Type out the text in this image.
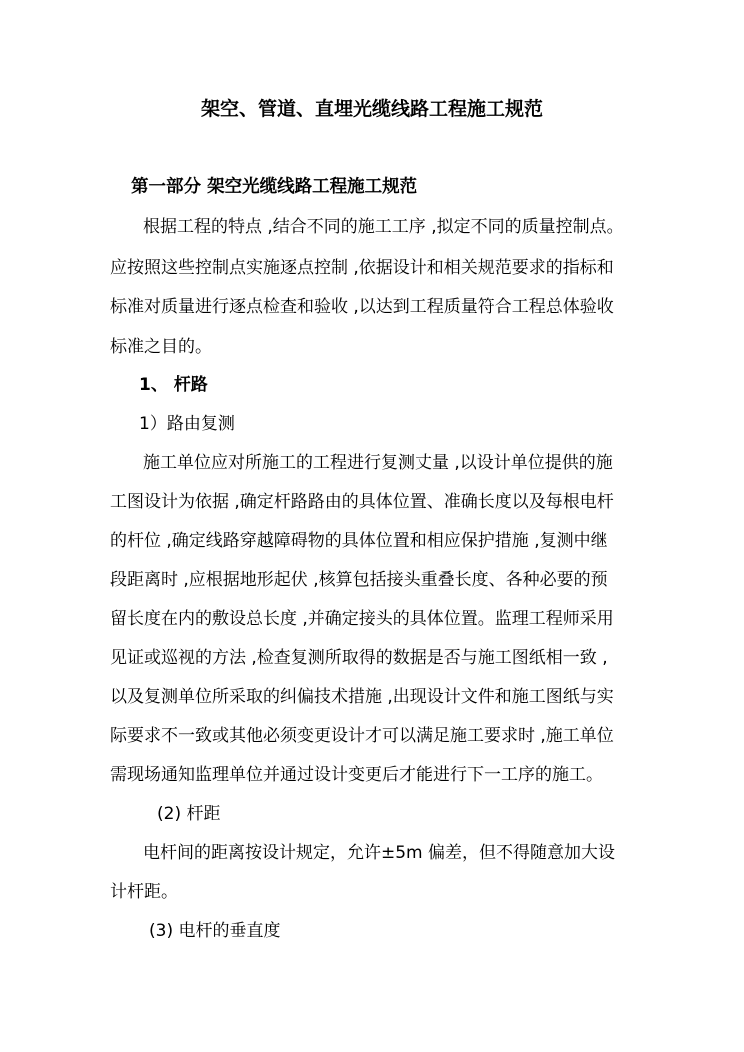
架空、管道、直埋光缆线路工程施工规范
第一部分 架空光缆线路工程施工规范
根据工程的特点 ,结合不同的施工工序 ,拟定不同的质量控制点。
应按照这些控制点实施逐点控制 ,依据设计和相关规范要求的指标和
标准对质量进行逐点检查和验收 ,以达到工程质量符合工程总体验收
标准之目的。
1、 杆路
1）路由复测
施工单位应对所施工的工程进行复测丈量 ,以设计单位提供的施
工图设计为依据 ,确定杆路路由的具体位置、准确长度以及每根电杆
的杆位 ,确定线路穿越障碍物的具体位置和相应保护措施 ,复测中继
段距离时 ,应根据地形起伏 ,核算包括接头重叠长度、各种必要的预
留长度在内的敷设总长度 ,并确定接头的具体位置。监理工程师采用
见证或巡视的方法 ,检查复测所取得的数据是否与施工图纸相一致 ,
以及复测单位所采取的纠偏技术措施 ,出现设计文件和施工图纸与实
际要求不一致或其他必须变更设计才可以满足施工要求时 ,施工单位
需现场通知监理单位并通过设计变更后才能进行下一工序的施工。
(2) 杆距
电杆间的距离按设计规定，允许±5m 偏差，但不得随意加大设
计杆距。
(3) 电杆的垂直度
